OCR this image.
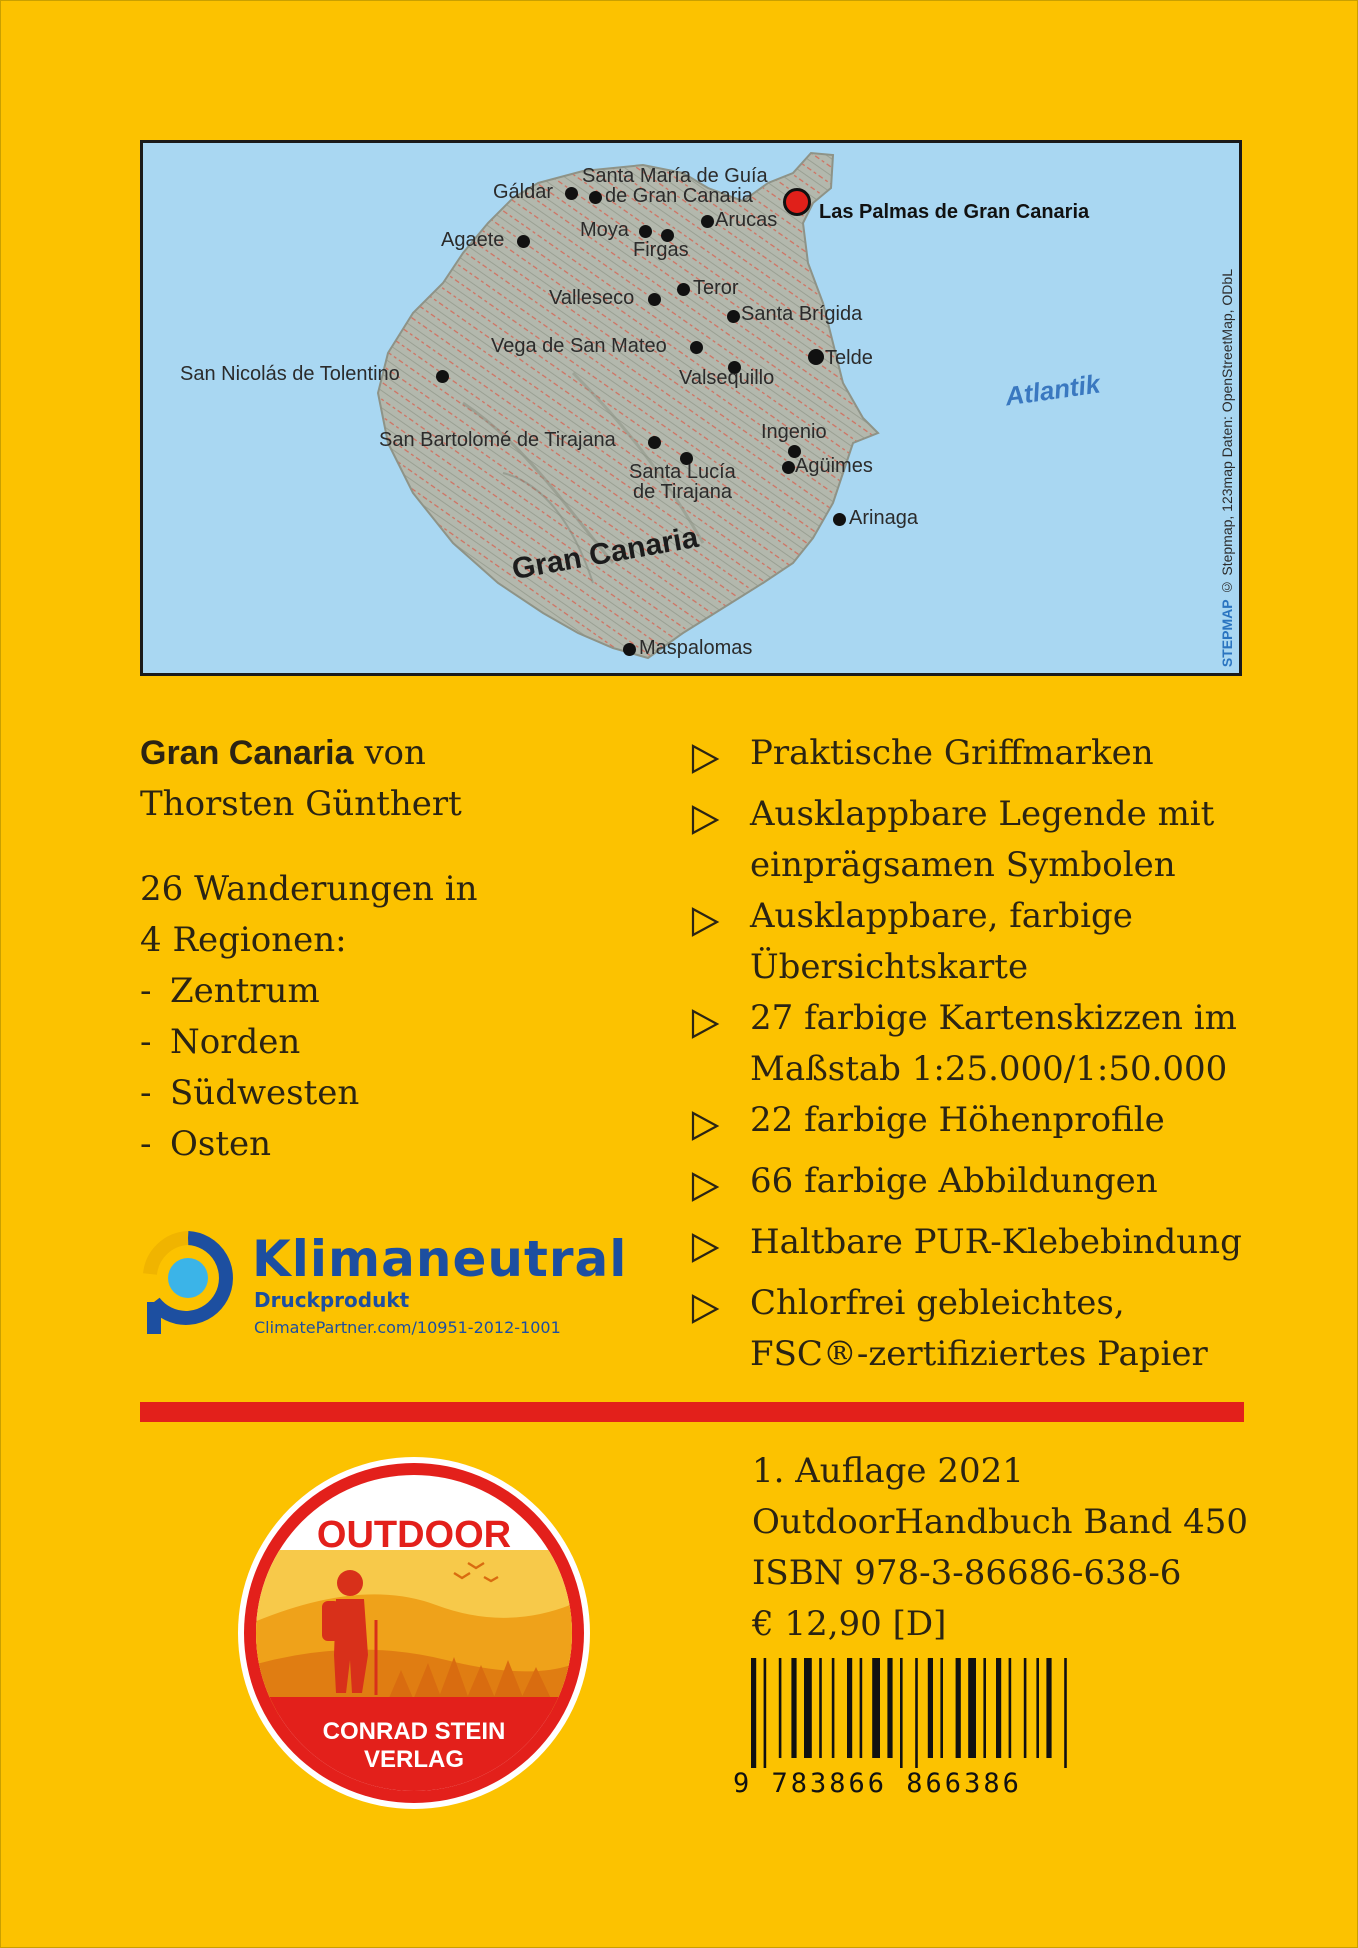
Gáldar
Santa María de Guía
de Gran Canaria
Las Palmas de Gran Canaria
Agaete	Moya
Firgas
Arucas
Valleseco	Teror
Santa Brígida
Vega de San Mateo
Telde
Valsequillo
San Nicolás de Tolentino
San Bartolomé de Tirajana	Ingenio
Agüimes
Santa Lucía
de Tirajana
Arinaga
Gran Canaria
Atlantik
Maspalomas	STEPMAP © Stepmap, 123map Daten: OpenStreetMap, ODbL

Gran Canaria von

Thorsten Günthert

26 Wanderungen in

4 Regionen:

- Zentrum
- Norden
- Südwesten
- Osten
Praktische Griffmarken
Ausklappbare Legende mit einprägsamen Symbolen
Ausklappbare, farbige Übersichtskarte
27 farbige Kartenskizzen im Maßstab 1:25.000/1:50.000
22 farbige Höhenprofile
66 farbige Abbildungen
Haltbare PUR-Klebebindung
Chlorfrei gebleichtes, FSC®-zertifiziertes Papier
Klimaneutral
Druckprodukt
ClimatePartner.com/10951-2012-1001
OUTDOOR
CONRAD STEIN
VERLAG

1. Auflage 2021

OutdoorHandbuch Band 450

ISBN 978-3-86686-638-6

€ 12,90 [D]

9 783866 866386
